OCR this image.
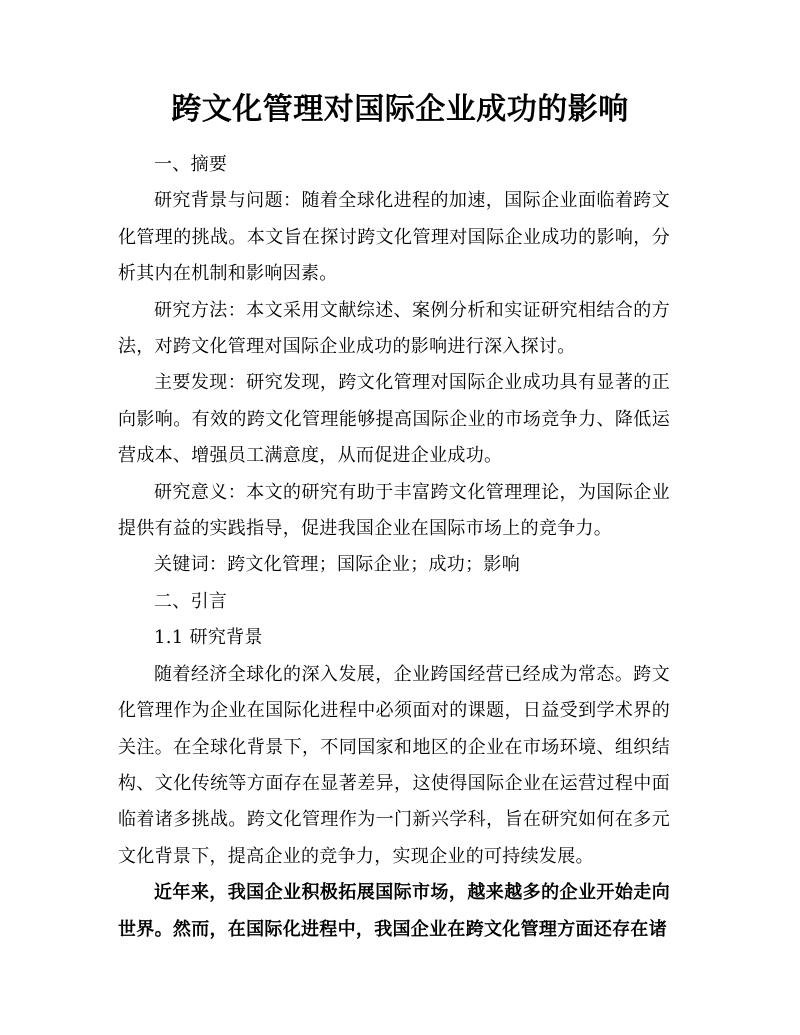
跨文化管理对国际企业成功的影响

一、摘要

研究背景与问题：随着全球化进程的加速，国际企业面临着跨文化管理的挑战。本文旨在探讨跨文化管理对国际企业成功的影响，分析其内在机制和影响因素。

研究方法：本文采用文献综述、案例分析和实证研究相结合的方法，对跨文化管理对国际企业成功的影响进行深入探讨。

主要发现：研究发现，跨文化管理对国际企业成功具有显著的正向影响。有效的跨文化管理能够提高国际企业的市场竞争力、降低运营成本、增强员工满意度，从而促进企业成功。

研究意义：本文的研究有助于丰富跨文化管理理论，为国际企业提供有益的实践指导，促进我国企业在国际市场上的竞争力。

关键词：跨文化管理；国际企业；成功；影响

二、引言

1.1 研究背景

随着经济全球化的深入发展，企业跨国经营已经成为常态。跨文化管理作为企业在国际化进程中必须面对的课题，日益受到学术界的关注。在全球化背景下，不同国家和地区的企业在市场环境、组织结构、文化传统等方面存在显著差异，这使得国际企业在运营过程中面临着诸多挑战。跨文化管理作为一门新兴学科，旨在研究如何在多元文化背景下，提高企业的竞争力，实现企业的可持续发展。

近年来，我国企业积极拓展国际市场，越来越多的企业开始走向世界。然而，在国际化进程中，我国企业在跨文化管理方面还存在诸
